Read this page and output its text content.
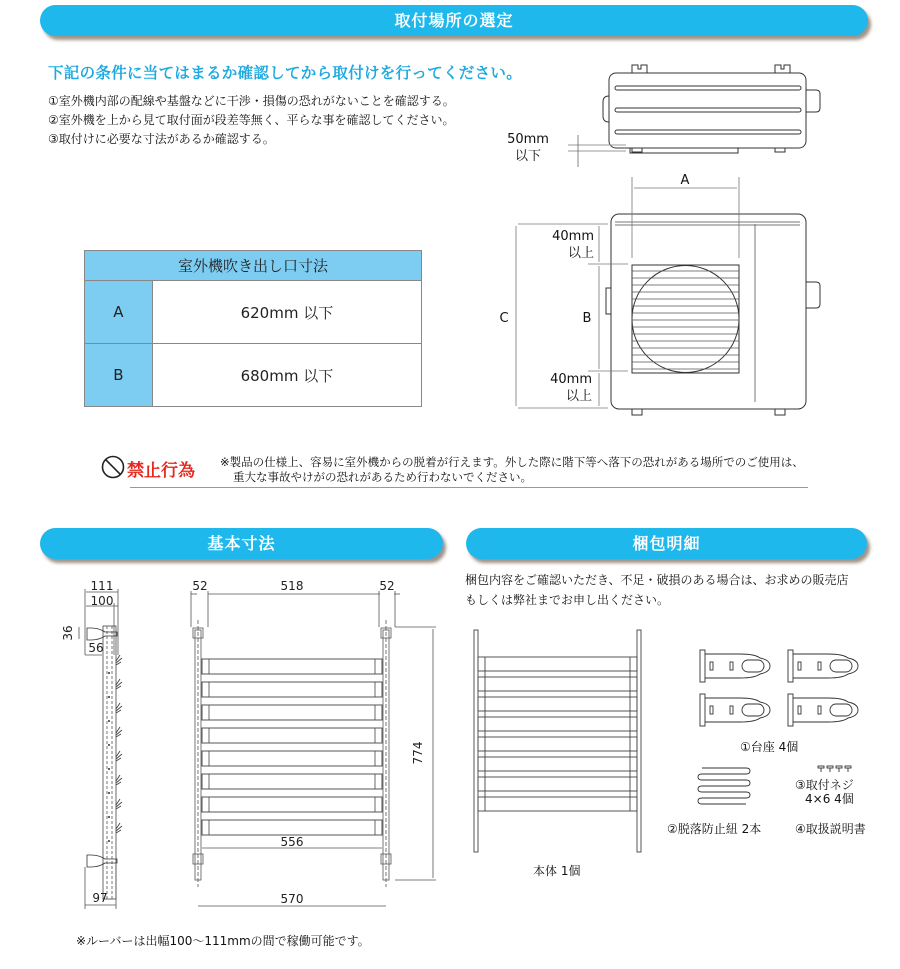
取付場所の選定
下記の条件に当てはまるか確認してから取付けを行ってください。
①室外機内部の配線や基盤などに干渉・損傷の恐れがないことを確認する。
②室外機を上から見て取付面が段差等無く、平らな事を確認してください。
③取付けに必要な寸法があるか確認する。
室外機吹き出し口寸法	
A	620mm 以下
B	680mm 以下
A
C	B
50mm
以下
40mm
以上
40mm
以上
禁止行為 ※製品の仕様上、容易に室外機からの脱着が行えます。外した際に階下等へ落下の恐れがある場所でのご使用は、
重大な事故やけがの恐れがあるため行わないでください。
基本寸法	梱包明細
111
100
36
56
97
52	518	52
774
556
570
※ルーバーは出幅100〜111mmの間で稼働可能です。
梱包内容をご確認いただき、不足・破損のある場合は、お求めの販売店
もしくは弊社までお申し出ください。
本体 1個
①台座 4個
③取付ネジ
4×6 4個
②脱落防止紐 2本	④取扱説明書
